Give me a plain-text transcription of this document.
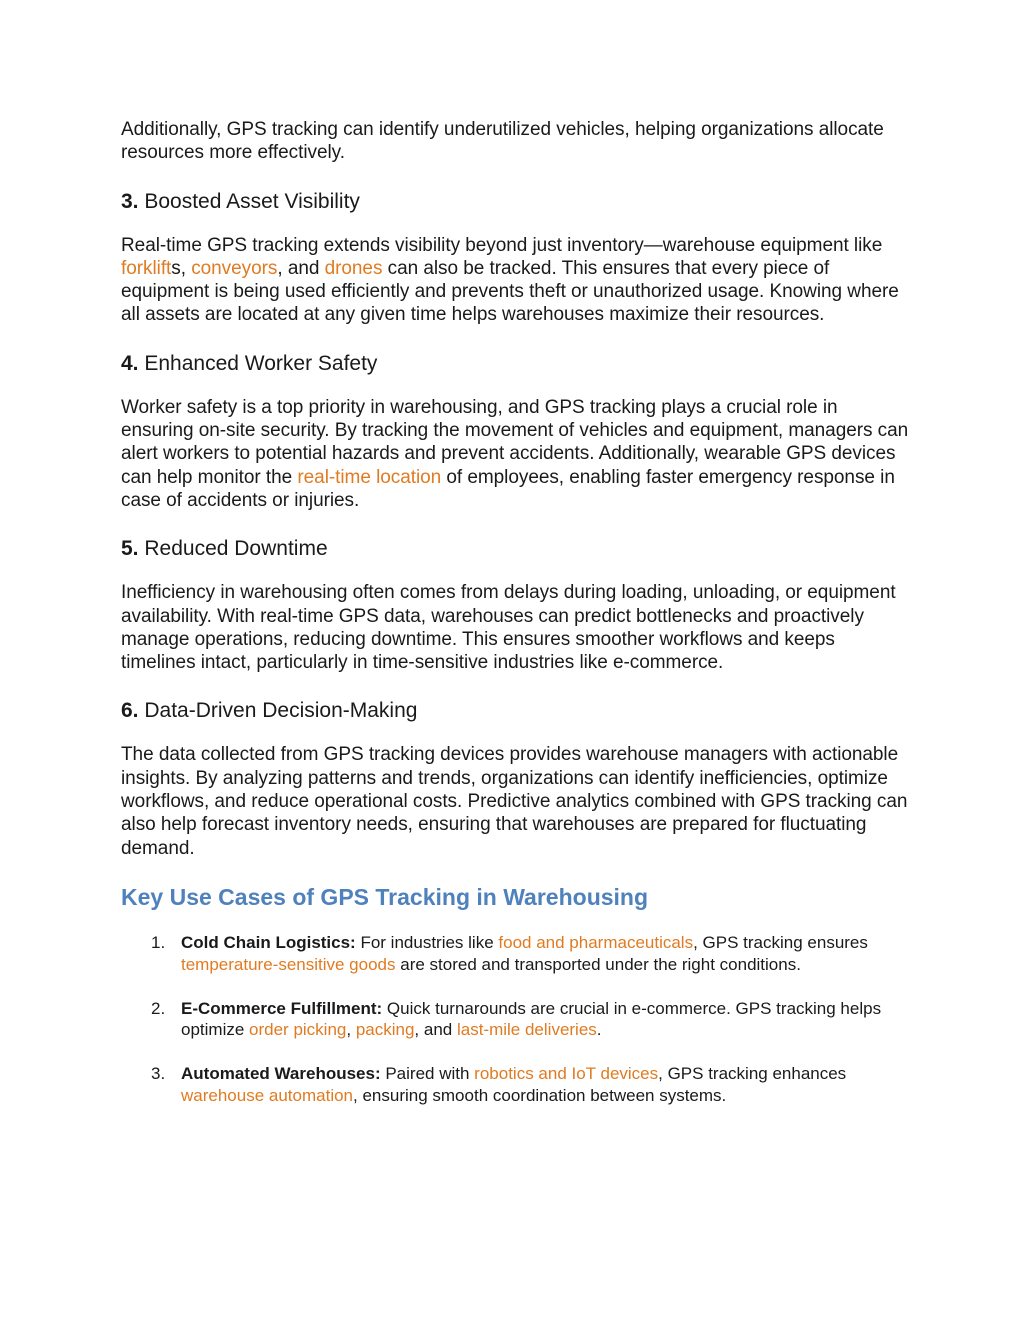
Additionally, GPS tracking can identify underutilized vehicles, helping organizations allocate resources more effectively.

3. Boosted Asset Visibility

Real-time GPS tracking extends visibility beyond just inventory—warehouse equipment like forklifts, conveyors, and drones can also be tracked. This ensures that every piece of equipment is being used efficiently and prevents theft or unauthorized usage. Knowing where all assets are located at any given time helps warehouses maximize their resources.

4. Enhanced Worker Safety

Worker safety is a top priority in warehousing, and GPS tracking plays a crucial role in ensuring on-site security. By tracking the movement of vehicles and equipment, managers can alert workers to potential hazards and prevent accidents. Additionally, wearable GPS devices can help monitor the real-time location of employees, enabling faster emergency response in case of accidents or injuries.

5. Reduced Downtime

Inefficiency in warehousing often comes from delays during loading, unloading, or equipment availability. With real-time GPS data, warehouses can predict bottlenecks and proactively manage operations, reducing downtime. This ensures smoother workflows and keeps timelines intact, particularly in time-sensitive industries like e-commerce.

6. Data-Driven Decision-Making

The data collected from GPS tracking devices provides warehouse managers with actionable insights. By analyzing patterns and trends, organizations can identify inefficiencies, optimize workflows, and reduce operational costs. Predictive analytics combined with GPS tracking can also help forecast inventory needs, ensuring that warehouses are prepared for fluctuating demand.

Key Use Cases of GPS Tracking in Warehousing
1. Cold Chain Logistics: For industries like food and pharmaceuticals, GPS tracking ensures temperature-sensitive goods are stored and transported under the right conditions.
2. E-Commerce Fulfillment: Quick turnarounds are crucial in e-commerce. GPS tracking helps optimize order picking, packing, and last-mile deliveries.
3. Automated Warehouses: Paired with robotics and IoT devices, GPS tracking enhances warehouse automation, ensuring smooth coordination between systems.
